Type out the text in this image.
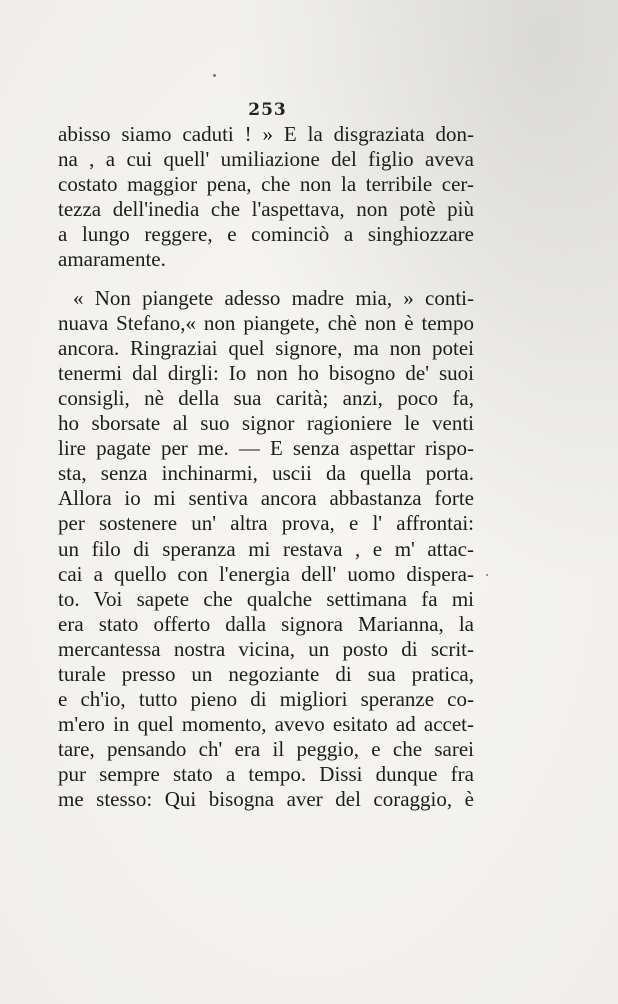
253
abisso siamo caduti ! » E la disgraziata don-
na , a cui quell' umiliazione del figlio aveva
costato maggior pena, che non la terribile cer-
tezza dell'inedia che l'aspettava, non potè più
a lungo reggere, e cominciò a singhiozzare
amaramente.
« Non piangete adesso madre mia, » conti-
nuava Stefano,« non piangete, chè non è tempo
ancora. Ringraziai quel signore, ma non potei
tenermi dal dirgli: Io non ho bisogno de' suoi
consigli, nè della sua carità; anzi, poco fa,
ho sborsate al suo signor ragioniere le venti
lire pagate per me. — E senza aspettar rispo-
sta, senza inchinarmi, uscii da quella porta.
Allora io mi sentiva ancora abbastanza forte
per sostenere un' altra prova, e l' affrontai:
un filo di speranza mi restava , e m' attac-
cai a quello con l'energia dell' uomo dispera-
to. Voi sapete che qualche settimana fa mi
era stato offerto dalla signora Marianna, la
mercantessa nostra vicina, un posto di scrit-
turale presso un negoziante di sua pratica,
e ch'io, tutto pieno di migliori speranze co-
m'ero in quel momento, avevo esitato ad accet-
tare, pensando ch' era il peggio, e che sarei
pur sempre stato a tempo. Dissi dunque fra
me stesso: Qui bisogna aver del coraggio, è
